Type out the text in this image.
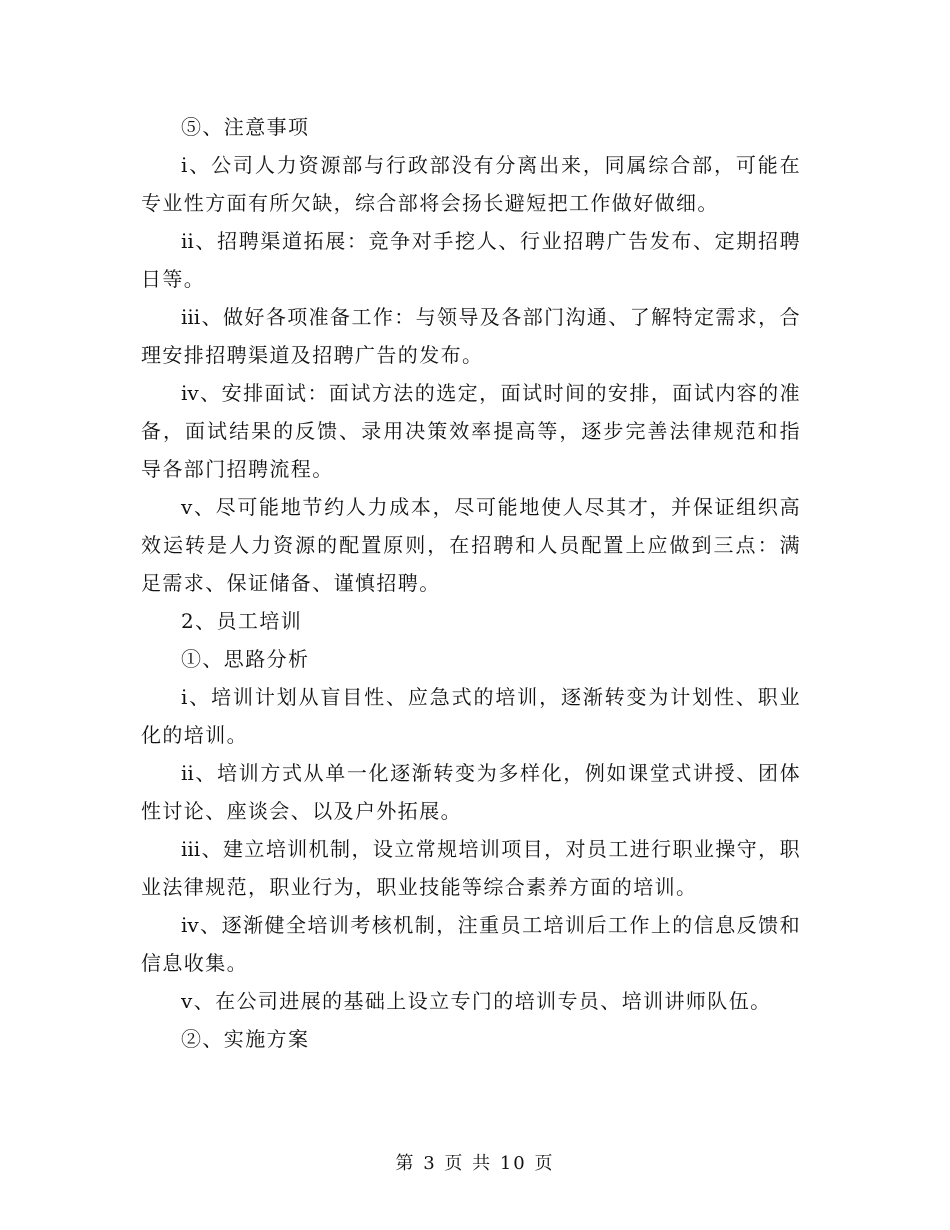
⑤、注意事项

ⅰ、公司人力资源部与行政部没有分离出来，同属综合部，可能在专业性方面有所欠缺，综合部将会扬长避短把工作做好做细。

ⅱ、招聘渠道拓展：竞争对手挖人、行业招聘广告发布、定期招聘日等。

ⅲ、做好各项准备工作：与领导及各部门沟通、了解特定需求，合理安排招聘渠道及招聘广告的发布。

ⅳ、安排面试：面试方法的选定，面试时间的安排，面试内容的准备，面试结果的反馈、录用决策效率提高等，逐步完善法律规范和指导各部门招聘流程。

ⅴ、尽可能地节约人力成本，尽可能地使人尽其才，并保证组织高效运转是人力资源的配置原则，在招聘和人员配置上应做到三点：满足需求、保证储备、谨慎招聘。

2、员工培训

①、思路分析

ⅰ、培训计划从盲目性、应急式的培训，逐渐转变为计划性、职业化的培训。

ⅱ、培训方式从单一化逐渐转变为多样化，例如课堂式讲授、团体性讨论、座谈会、以及户外拓展。

ⅲ、建立培训机制，设立常规培训项目，对员工进行职业操守，职业法律规范，职业行为，职业技能等综合素养方面的培训。

ⅳ、逐渐健全培训考核机制，注重员工培训后工作上的信息反馈和信息收集。

ⅴ、在公司进展的基础上设立专门的培训专员、培训讲师队伍。

②、实施方案

第 3 页 共 10 页
